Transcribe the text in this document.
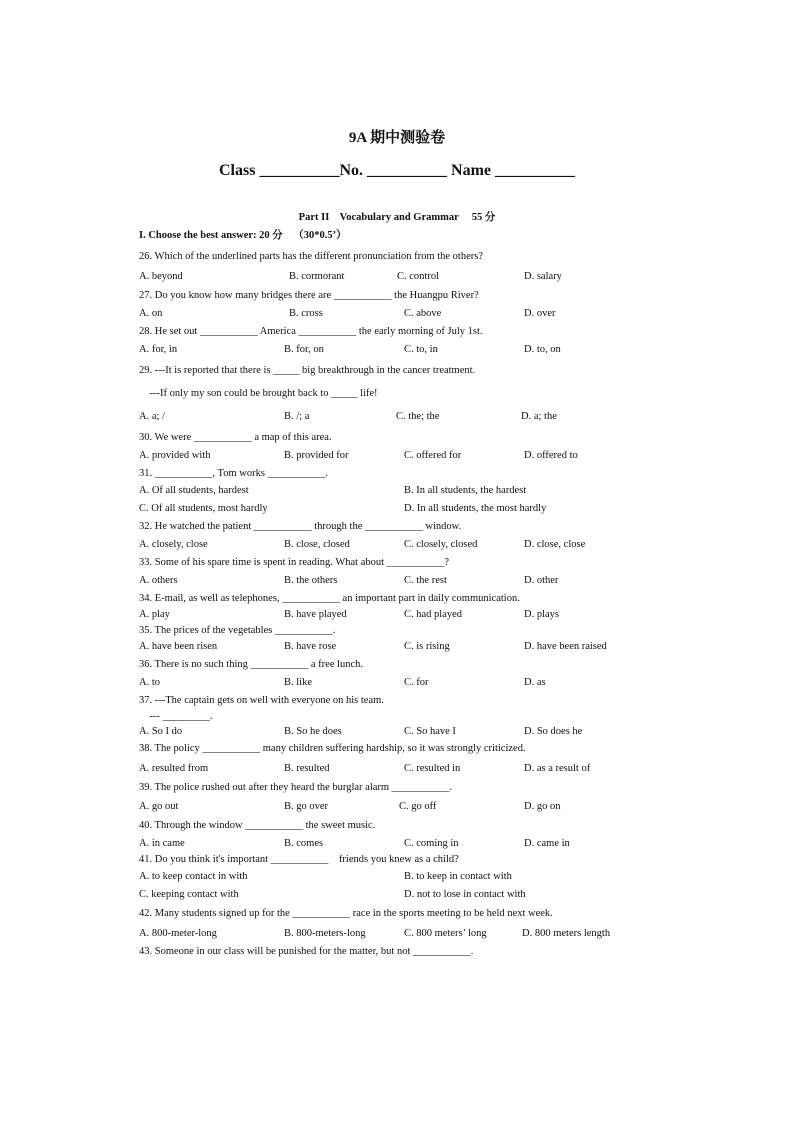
9A 期中测验卷
Class __________No. __________ Name __________
Part II    Vocabulary and Grammar     55 分
I. Choose the best answer: 20 分    （30*0.5’）
26. Which of the underlined parts has the different pronunciation from the others?
A. beyond	B. cormorant	C. control	D. salary
27. Do you know how many bridges there are ___________ the Huangpu River?
A. on	B. cross	C. above	D. over
28. He set out ___________ America ___________ the early morning of July 1st.
A. for, in	B. for, on	C. to, in	D. to, on
29. ---It is reported that there is _____ big breakthrough in the cancer treatment.
---If only my son could be brought back to _____ life!
A. a; /	B. /; a	C. the; the	D. a; the
30. We were ___________ a map of this area.
A. provided with	B. provided for	C. offered for	D. offered to
31. ___________, Tom works ___________.
A. Of all students, hardest	B. In all students, the hardest
C. Of all students, most hardly	D. In all students, the most hardly
32. He watched the patient ___________ through the ___________ window.
A. closely, close	B. close, closed	C. closely, closed	D. close, close
33. Some of his spare time is spent in reading. What about ___________?
A. others	B. the others	C. the rest	D. other
34. E-mail, as well as telephones, ___________ an important part in daily communication.
A. play	B. have played	C. had played	D. plays
35. The prices of the vegetables ___________.
A. have been risen	B. have rose	C. is rising	D. have been raised
36. There is no such thing ___________ a free lunch.
A. to	B. like	C. for	D. as
37. ---The captain gets on well with everyone on his team.
--- _________.
A. So I do	B. So he does	C. So have I	D. So does he
38. The policy ___________ many children suffering hardship, so it was strongly criticized.
A. resulted from	B. resulted	C. resulted in	D. as a result of
39. The police rushed out after they heard the burglar alarm ___________.
A. go out	B. go over	C. go off	D. go on
40. Through the window ___________ the sweet music.
A. in came	B. comes	C. coming in	D. came in
41. Do you think it's important ___________    friends you knew as a child?
A. to keep contact in with	B. to keep in contact with
C. keeping contact with	D. not to lose in contact with
42. Many students signed up for the ___________ race in the sports meeting to be held next week.
A. 800-meter-long	B. 800-meters-long	C. 800 meters’ long	D. 800 meters length
43. Someone in our class will be punished for the matter, but not ___________.
